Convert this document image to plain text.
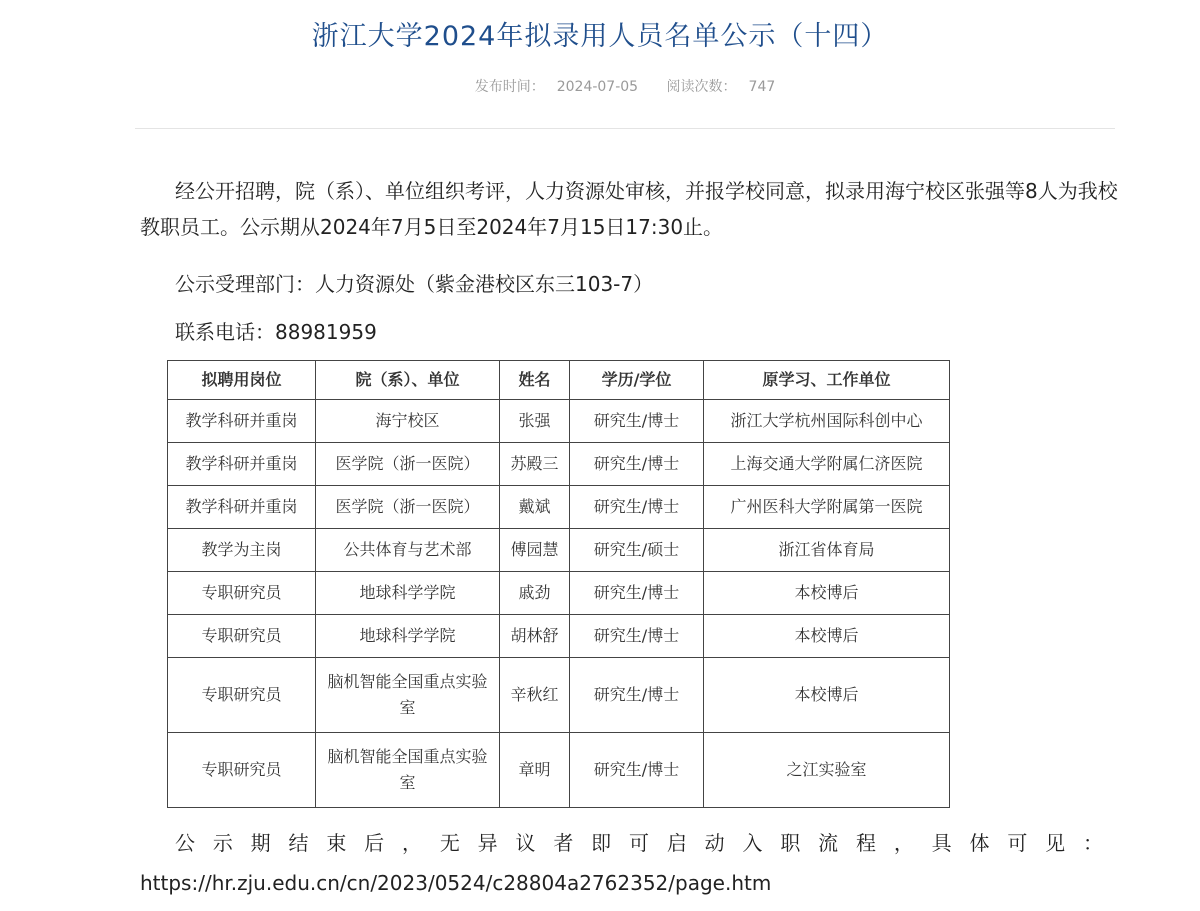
浙江大学2024年拟录用人员名单公示（十四）
发布时间： 2024-07-05 阅读次数： 747
经公开招聘，院（系）、单位组织考评，人力资源处审核，并报学校同意，拟录用海宁校区张强等8人为我校教职员工。公示期从2024年7月5日至2024年7月15日17:30止。
公示受理部门：人力资源处（紫金港校区东三103-7）
联系电话：88981959
拟聘用岗位	院（系）、单位	姓名	学历/学位	原学习、工作单位
教学科研并重岗	海宁校区	张强	研究生/博士	浙江大学杭州国际科创中心
教学科研并重岗	医学院（浙一医院）	苏殿三	研究生/博士	上海交通大学附属仁济医院
教学科研并重岗	医学院（浙一医院）	戴斌	研究生/博士	广州医科大学附属第一医院
教学为主岗	公共体育与艺术部	傅园慧	研究生/硕士	浙江省体育局
专职研究员	地球科学学院	戚劲	研究生/博士	本校博后
专职研究员	地球科学学院	胡林舒	研究生/博士	本校博后
专职研究员	脑机智能全国重点实验室	辛秋红	研究生/博士	本校博后
专职研究员	脑机智能全国重点实验室	章明	研究生/博士	之江实验室
公示期结束后，无异议者即可启动入职流程，具体可见：
https://hr.zju.edu.cn/cn/2023/0524/c28804a2762352/page.htm
